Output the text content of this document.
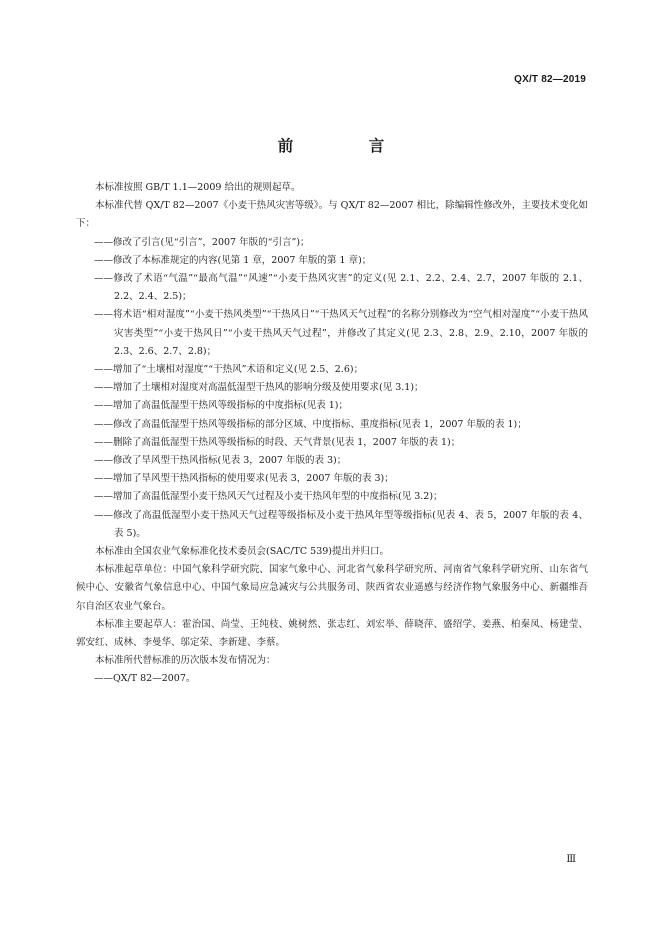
QX/T 82—2019
前　言

本标准按照 GB/T 1.1—2009 给出的规则起草。

本标准代替 QX/T 82—2007《小麦干热风灾害等级》。与 QX/T 82—2007 相比，除编辑性修改外，主要技术变化如下：

——修改了引言(见“引言”，2007 年版的“引言”)；

——修改了本标准规定的内容(见第 1 章，2007 年版的第 1 章)；

——修改了术语“气温”“最高气温”“风速”“小麦干热风灾害”的定义(见 2.1、2.2、2.4、2.7，2007 年版的 2.1、2.2、2.4、2.5)；

——将术语“相对湿度”“小麦干热风类型”“干热风日”“干热风天气过程”的名称分别修改为“空气相对湿度”“小麦干热风灾害类型”“小麦干热风日”“小麦干热风天气过程”，并修改了其定义(见 2.3、2.8、2.9、2.10，2007 年版的 2.3、2.6、2.7、2.8)；

——增加了“土壤相对湿度”“干热风”术语和定义(见 2.5、2.6)；

——增加了土壤相对湿度对高温低湿型干热风的影响分级及使用要求(见 3.1)；

——增加了高温低湿型干热风等级指标的中度指标(见表 1)；

——修改了高温低湿型干热风等级指标的部分区域、中度指标、重度指标(见表 1，2007 年版的表 1)；

——删除了高温低湿型干热风等级指标的时段、天气背景(见表 1，2007 年版的表 1)；

——修改了旱风型干热风指标(见表 3，2007 年版的表 3)；

——增加了旱风型干热风指标的使用要求(见表 3，2007 年版的表 3)；

——增加了高温低湿型小麦干热风天气过程及小麦干热风年型的中度指标(见 3.2)；

——修改了高温低湿型小麦干热风天气过程等级指标及小麦干热风年型等级指标(见表 4、表 5，2007 年版的表 4、表 5)。

本标准由全国农业气象标准化技术委员会(SAC/TC 539)提出并归口。

本标准起草单位：中国气象科学研究院、国家气象中心、河北省气象科学研究所、河南省气象科学研究所、山东省气候中心、安徽省气象信息中心、中国气象局应急减灾与公共服务司、陕西省农业遥感与经济作物气象服务中心、新疆维吾尔自治区农业气象台。

本标准主要起草人：霍治国、尚莹、王纯枝、姚树然、张志红、刘宏举、薛晓萍、盛绍学、姜燕、柏秦凤、杨建莹、郭安红、成林、李曼华、邬定荣、李新建、李蔡。

本标准所代替标准的历次版本发布情况为：

——QX/T 82—2007。

Ⅲ
